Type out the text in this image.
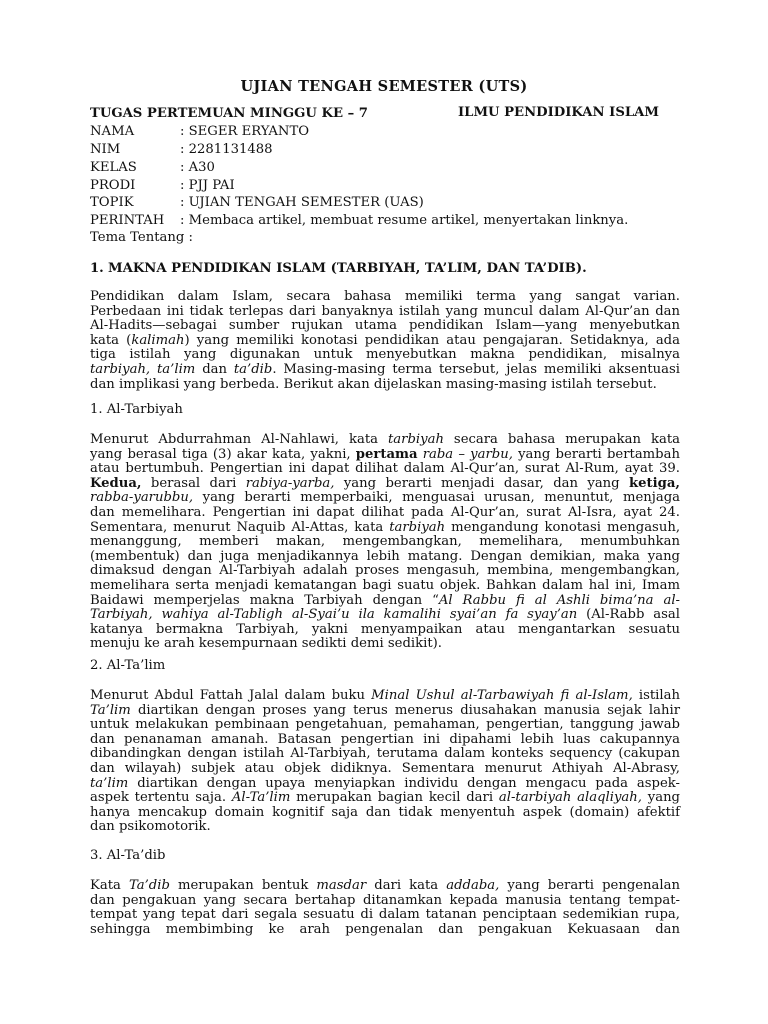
UJIAN TENGAH SEMESTER (UTS)
TUGAS PERTEMUAN MINGGU KE – 7	ILMU PENDIDIKAN ISLAM
NAMA	: SEGER ERYANTO
NIM	: 2281131488
KELAS	: A30
PRODI	: PJJ PAI
TOPIK	: UJIAN TENGAH SEMESTER (UAS)
PERINTAH : Membaca artikel, membuat resume artikel, menyertakan linknya.
Tema Tentang :
1. MAKNA PENDIDIKAN ISLAM (TARBIYAH, TA’LIM, DAN TA’DIB).

Pendidikan dalam Islam, secara bahasa memiliki terma yang sangat varian.

Perbedaan ini tidak terlepas dari banyaknya istilah yang muncul dalam Al-Qur’an dan

Al-Hadits—sebagai sumber rujukan utama pendidikan Islam—yang menyebutkan

kata (kalimah) yang memiliki konotasi pendidikan atau pengajaran. Setidaknya, ada

tiga istilah yang digunakan untuk menyebutkan makna pendidikan, misalnya

tarbiyah, ta’lim dan ta’dib. Masing-masing terma tersebut, jelas memiliki aksentuasi

dan implikasi yang berbeda. Berikut akan dijelaskan masing-masing istilah tersebut.

1. Al-Tarbiyah

Menurut Abdurrahman Al-Nahlawi, kata tarbiyah secara bahasa merupakan kata

yang berasal tiga (3) akar kata, yakni, pertama raba – yarbu, yang berarti bertambah

atau bertumbuh. Pengertian ini dapat dilihat dalam Al-Qur’an, surat Al-Rum, ayat 39.

Kedua, berasal dari rabiya-yarba, yang berarti menjadi dasar, dan yang ketiga,

rabba-yarubbu, yang berarti memperbaiki, menguasai urusan, menuntut, menjaga

dan memelihara. Pengertian ini dapat dilihat pada Al-Qur’an, surat Al-Isra, ayat 24.

Sementara, menurut Naquib Al-Attas, kata tarbiyah mengandung konotasi mengasuh,

menanggung, memberi makan, mengembangkan, memelihara, menumbuhkan

(membentuk) dan juga menjadikannya lebih matang. Dengan demikian, maka yang

dimaksud dengan Al-Tarbiyah adalah proses mengasuh, membina, mengembangkan,

memelihara serta menjadi kematangan bagi suatu objek. Bahkan dalam hal ini, Imam

Baidawi memperjelas makna Tarbiyah dengan “Al Rabbu fi al Ashli bima’na al-

Tarbiyah, wahiya al-Tabligh al-Syai’u ila kamalihi syai’an fa syay’an (Al-Rabb asal

katanya bermakna Tarbiyah, yakni menyampaikan atau mengantarkan sesuatu

menuju ke arah kesempurnaan sedikti demi sedikit).

2. Al-Ta’lim

Menurut Abdul Fattah Jalal dalam buku Minal Ushul al-Tarbawiyah fi al-Islam, istilah

Ta’lim diartikan dengan proses yang terus menerus diusahakan manusia sejak lahir

untuk melakukan pembinaan pengetahuan, pemahaman, pengertian, tanggung jawab

dan penanaman amanah. Batasan pengertian ini dipahami lebih luas cakupannya

dibandingkan dengan istilah Al-Tarbiyah, terutama dalam konteks sequency (cakupan

dan wilayah) subjek atau objek didiknya. Sementara menurut Athiyah Al-Abrasy,

ta’lim diartikan dengan upaya menyiapkan individu dengan mengacu pada aspek-

aspek tertentu saja. Al-Ta’lim merupakan bagian kecil dari al-tarbiyah alaqliyah, yang

hanya mencakup domain kognitif saja dan tidak menyentuh aspek (domain) afektif

dan psikomotorik.

3. Al-Ta’dib

Kata Ta’dib merupakan bentuk masdar dari kata addaba, yang berarti pengenalan

dan pengakuan yang secara bertahap ditanamkan kepada manusia tentang tempat-

tempat yang tepat dari segala sesuatu di dalam tatanan penciptaan sedemikian rupa,

sehingga membimbing ke arah pengenalan dan pengakuan Kekuasaan dan
